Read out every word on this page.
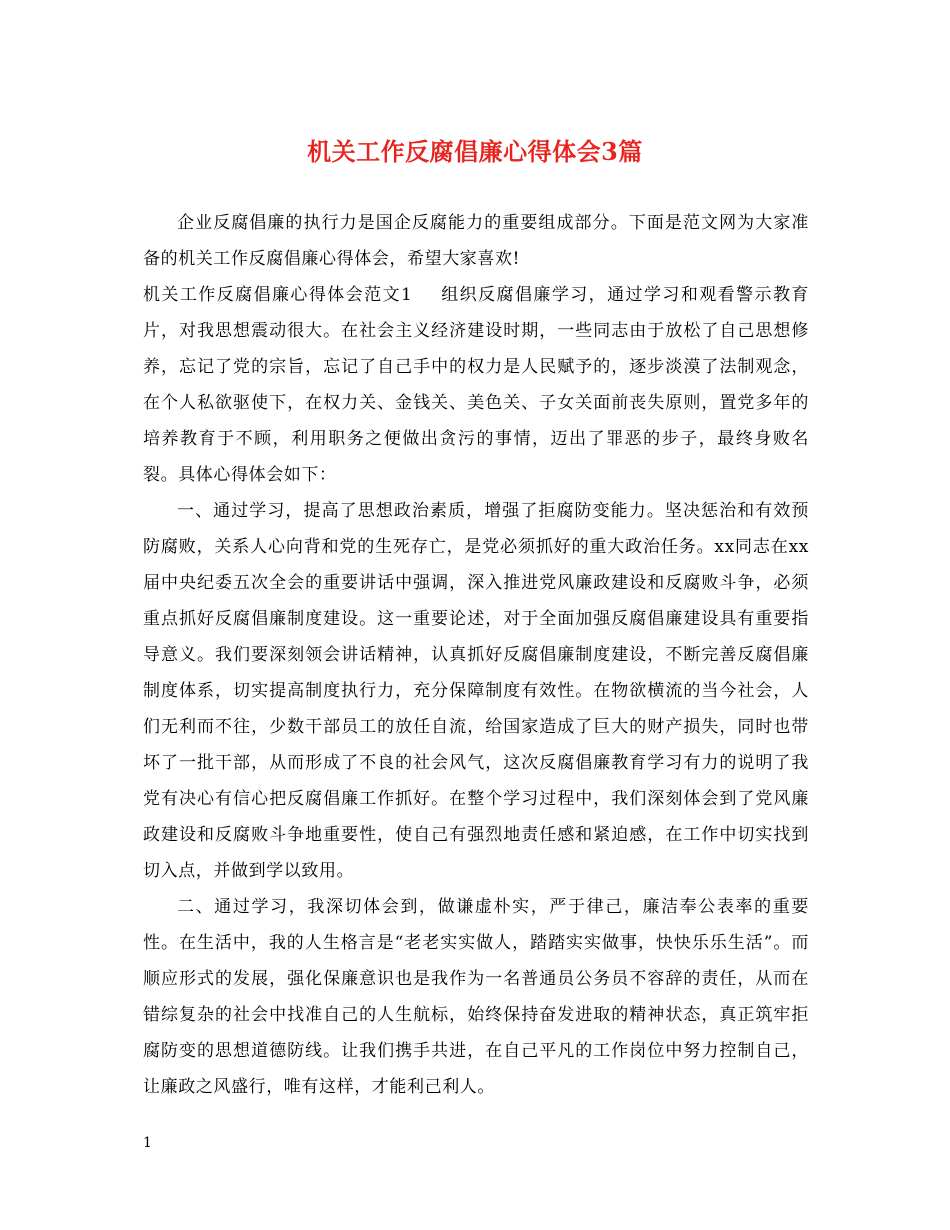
机关工作反腐倡廉心得体会3篇

企业反腐倡廉的执行力是国企反腐能力的重要组成部分。下面是范文网为大家准备的机关工作反腐倡廉心得体会，希望大家喜欢!

机关工作反腐倡廉心得体会范文1 组织反腐倡廉学习，通过学习和观看警示教育片，对我思想震动很大。在社会主义经济建设时期，一些同志由于放松了自己思想修养，忘记了党的宗旨，忘记了自己手中的权力是人民赋予的，逐步淡漠了法制观念，在个人私欲驱使下，在权力关、金钱关、美色关、子女关面前丧失原则，置党多年的培养教育于不顾，利用职务之便做出贪污的事情，迈出了罪恶的步子，最终身败名裂。具体心得体会如下：

一、通过学习，提高了思想政治素质，增强了拒腐防变能力。坚决惩治和有效预防腐败，关系人心向背和党的生死存亡，是党必须抓好的重大政治任务。xx同志在xx届中央纪委五次全会的重要讲话中强调，深入推进党风廉政建设和反腐败斗争，必须重点抓好反腐倡廉制度建设。这一重要论述，对于全面加强反腐倡廉建设具有重要指导意义。我们要深刻领会讲话精神，认真抓好反腐倡廉制度建设，不断完善反腐倡廉制度体系，切实提高制度执行力，充分保障制度有效性。在物欲横流的当今社会，人们无利而不往，少数干部员工的放任自流，给国家造成了巨大的财产损失，同时也带坏了一批干部，从而形成了不良的社会风气，这次反腐倡廉教育学习有力的说明了我党有决心有信心把反腐倡廉工作抓好。在整个学习过程中，我们深刻体会到了党风廉政建设和反腐败斗争地重要性，使自己有强烈地责任感和紧迫感，在工作中切实找到切入点，并做到学以致用。

二、通过学习，我深切体会到，做谦虚朴实，严于律己，廉洁奉公表率的重要性。在生活中，我的人生格言是“老老实实做人，踏踏实实做事，快快乐乐生活”。而顺应形式的发展，强化保廉意识也是我作为一名普通员公务员不容辞的责任，从而在错综复杂的社会中找准自己的人生航标，始终保持奋发进取的精神状态，真正筑牢拒腐防变的思想道德防线。让我们携手共进，在自己平凡的工作岗位中努力控制自己，让廉政之风盛行，唯有这样，才能利己利人。

1
